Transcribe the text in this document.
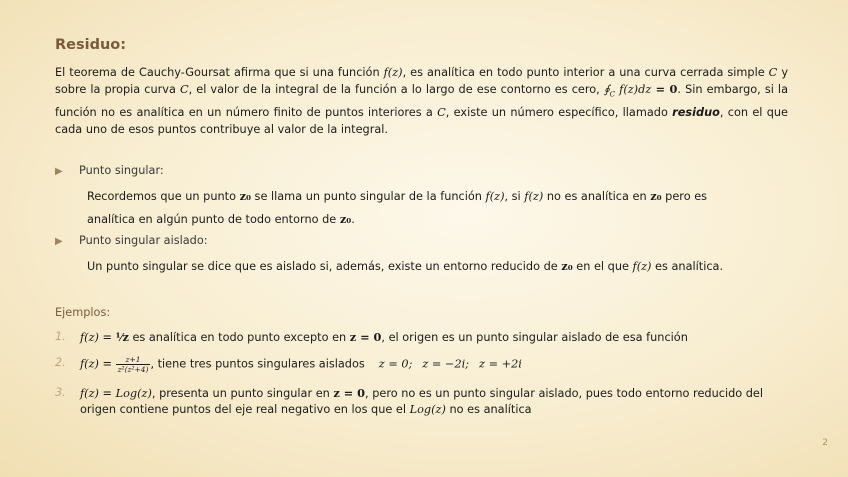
Residuo:
El teorema de Cauchy-Goursat afirma que si una función f(z), es analítica en todo punto interior a una curva cerrada simple C y sobre la propia curva C, el valor de la integral de la función a lo largo de ese contorno es cero, $∮_C$ f(z)dz = 0. Sin embargo, si la función no es analítica en un número finito de puntos interiores a C, existe un número específico, llamado residuo, con el que cada uno de esos puntos contribuye al valor de la integral.
▶ Punto singular:
Recordemos que un punto z₀ se llama un punto singular de la función f(z), si f(z) no es analítica en z₀ pero es
analítica en algún punto de todo entorno de z₀.
▶ Punto singular aislado:
Un punto singular se dice que es aislado si, además, existe un entorno reducido de z₀ en el que f(z) es analítica.
Ejemplos:
1. f(z) = ¹⁄z es analítica en todo punto excepto en z = 0, el origen es un punto singular aislado de esa función
2. $f(z) = \frac{z+1}{\text{z²(z²+4)}}$ , tiene tres puntos singulares aislados z = 0; z = −2i; z = +2i
3. f(z) = Log(z), presenta un punto singular en z = 0, pero no es un punto singular aislado, pues todo entorno reducido del origen contiene puntos del eje real negativo en los que el Log(z) no es analítica
2
